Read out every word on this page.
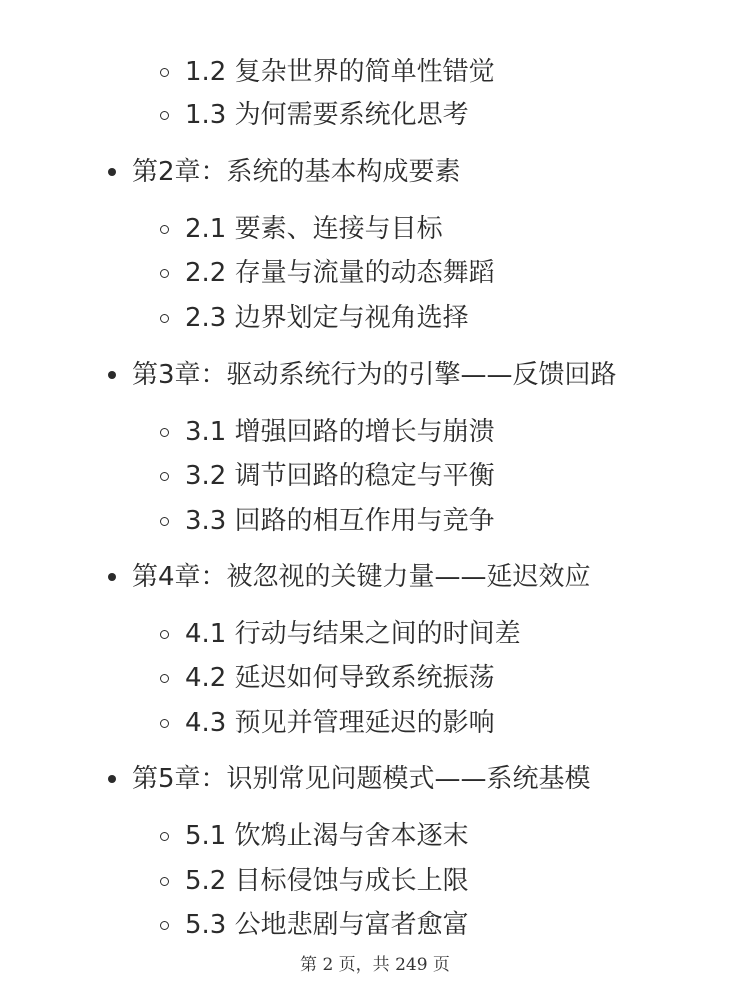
1.2 复杂世界的简单性错觉
1.3 为何需要系统化思考
第2章：系统的基本构成要素
2.1 要素、连接与目标
2.2 存量与流量的动态舞蹈
2.3 边界划定与视角选择
第3章：驱动系统行为的引擎——反馈回路
3.1 增强回路的增长与崩溃
3.2 调节回路的稳定与平衡
3.3 回路的相互作用与竞争
第4章：被忽视的关键力量——延迟效应
4.1 行动与结果之间的时间差
4.2 延迟如何导致系统振荡
4.3 预见并管理延迟的影响
第5章：识别常见问题模式——系统基模
5.1 饮鸩止渴与舍本逐末
5.2 目标侵蚀与成长上限
5.3 公地悲剧与富者愈富
第 2 页，共 249 页
